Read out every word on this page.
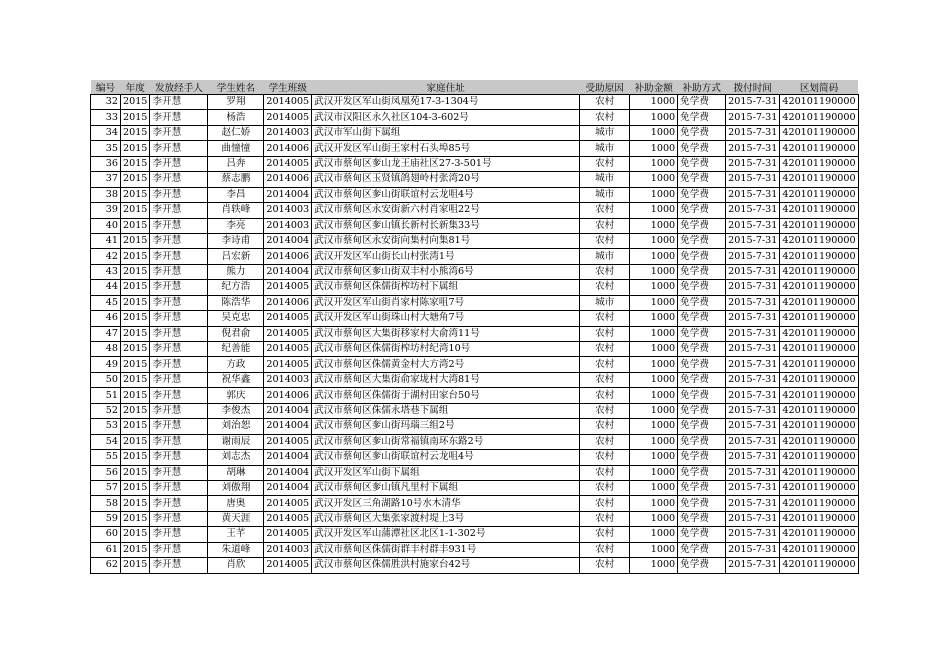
编号	年度	发放经手人	学生姓名	学生班级	家庭住址	受助原因	补助金额	补助方式	拨付时间	区划简码
32	2015	李开慧	罗翔	2014005	武汉开发区军山街凤凰苑17-3-1304号	农村	1000	免学费	2015-7-31	420101190000
33	2015	李开慧	杨浩	2014005	武汉市汉阳区永久社区104-3-602号	农村	1000	免学费	2015-7-31	420101190000
34	2015	李开慧	赵仁娇	2014003	武汉市军山街下属组	城市	1000	免学费	2015-7-31	420101190000
35	2015	李开慧	曲憧憧	2014006	武汉开发区军山街王家村石头埠85号	城市	1000	免学费	2015-7-31	420101190000
36	2015	李开慧	吕奔	2014005	武汉市蔡甸区奓山龙王庙社区27-3-501号	农村	1000	免学费	2015-7-31	420101190000
37	2015	李开慧	蔡志鹏	2014006	武汉市蔡甸区玉贤镇鸽翅岭村张湾20号	城市	1000	免学费	2015-7-31	420101190000
38	2015	李开慧	李昌	2014004	武汉市蔡甸区奓山街联谊村云龙咀4号	城市	1000	免学费	2015-7-31	420101190000
39	2015	李开慧	肖轶峰	2014003	武汉市蔡甸区永安街新六村肖家咀22号	农村	1000	免学费	2015-7-31	420101190000
40	2015	李开慧	李亮	2014003	武汉市蔡甸区奓山镇长新村长新集33号	农村	1000	免学费	2015-7-31	420101190000
41	2015	李开慧	李诗甫	2014004	武汉市蔡甸区永安街向集村向集81号	农村	1000	免学费	2015-7-31	420101190000
42	2015	李开慧	吕宏新	2014006	武汉开发区军山街长山村张湾1号	城市	1000	免学费	2015-7-31	420101190000
43	2015	李开慧	熊力	2014004	武汉市蔡甸区奓山街双丰村小熊湾6号	农村	1000	免学费	2015-7-31	420101190000
44	2015	李开慧	纪方浩	2014005	武汉市蔡甸区侏儒街榨坊村下属组	农村	1000	免学费	2015-7-31	420101190000
45	2015	李开慧	陈浩华	2014006	武汉开发区军山街肖家村陈家咀7号	城市	1000	免学费	2015-7-31	420101190000
46	2015	李开慧	吴克忠	2014005	武汉开发区军山街珠山村大塘角7号	农村	1000	免学费	2015-7-31	420101190000
47	2015	李开慧	倪君俞	2014005	武汉市蔡甸区大集街移家村大俞湾11号	农村	1000	免学费	2015-7-31	420101190000
48	2015	李开慧	纪善能	2014005	武汉市蔡甸区侏儒街榨坊村纪湾10号	农村	1000	免学费	2015-7-31	420101190000
49	2015	李开慧	方政	2014005	武汉市蔡甸区侏儒黄金村大方湾2号	农村	1000	免学费	2015-7-31	420101190000
50	2015	李开慧	祝华鑫	2014003	武汉市蔡甸区大集街俞家垅村大湾81号	农村	1000	免学费	2015-7-31	420101190000
51	2015	李开慧	郭庆	2014006	武汉市蔡甸区侏儒街于湖村田家台50号	农村	1000	免学费	2015-7-31	420101190000
52	2015	李开慧	李俊杰	2014004	武汉市蔡甸区侏儒永塔巷下属组	农村	1000	免学费	2015-7-31	420101190000
53	2015	李开慧	刘治恕	2014004	武汉市蔡甸区奓山街玛瑙三组2号	农村	1000	免学费	2015-7-31	420101190000
54	2015	李开慧	谢雨辰	2014005	武汉市蔡甸区奓山街常福镇南环东路2号	农村	1000	免学费	2015-7-31	420101190000
55	2015	李开慧	刘志杰	2014004	武汉市蔡甸区奓山街联谊村云龙咀4号	农村	1000	免学费	2015-7-31	420101190000
56	2015	李开慧	胡琳	2014004	武汉开发区军山街下属组	农村	1000	免学费	2015-7-31	420101190000
57	2015	李开慧	刘傲翔	2014004	武汉市蔡甸区奓山镇凡里村下属组	农村	1000	免学费	2015-7-31	420101190000
58	2015	李开慧	唐奥	2014005	武汉开发区三角湖路10号水木清华	农村	1000	免学费	2015-7-31	420101190000
59	2015	李开慧	黄天涯	2014005	武汉市蔡甸区大集张家渡村堤上3号	农村	1000	免学费	2015-7-31	420101190000
60	2015	李开慧	王芊	2014005	武汉开发区军山蒲潭社区北区1-1-302号	农村	1000	免学费	2015-7-31	420101190000
61	2015	李开慧	朱道峰	2014003	武汉市蔡甸区侏儒街群丰村群丰931号	农村	1000	免学费	2015-7-31	420101190000
62	2015	李开慧	肖欣	2014005	武汉市蔡甸区侏儒胜洪村施家台42号	农村	1000	免学费	2015-7-31	420101190000
